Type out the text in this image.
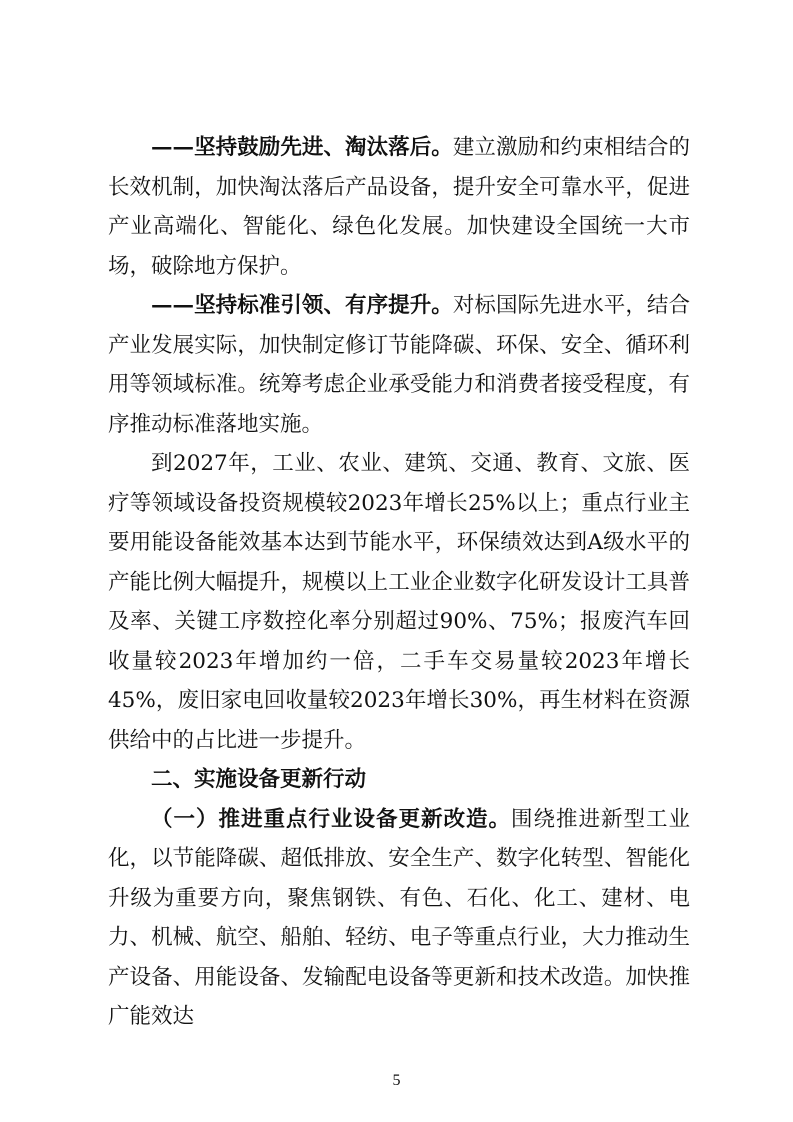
——坚持鼓励先进、淘汰落后。建立激励和约束相结合的长效机制，加快淘汰落后产品设备，提升安全可靠水平，促进产业高端化、智能化、绿色化发展。加快建设全国统一大市场，破除地方保护。

——坚持标准引领、有序提升。对标国际先进水平，结合产业发展实际，加快制定修订节能降碳、环保、安全、循环利用等领域标准。统筹考虑企业承受能力和消费者接受程度，有序推动标准落地实施。

到2027年，工业、农业、建筑、交通、教育、文旅、医疗等领域设备投资规模较2023年增长25%以上；重点行业主要用能设备能效基本达到节能水平，环保绩效达到A级水平的产能比例大幅提升，规模以上工业企业数字化研发设计工具普及率、关键工序数控化率分别超过90%、75%；报废汽车回收量较2023年增加约一倍，二手车交易量较2023年增长45%，废旧家电回收量较2023年增长30%，再生材料在资源供给中的占比进一步提升。

二、实施设备更新行动

（一）推进重点行业设备更新改造。围绕推进新型工业化，以节能降碳、超低排放、安全生产、数字化转型、智能化升级为重要方向，聚焦钢铁、有色、石化、化工、建材、电力、机械、航空、船舶、轻纺、电子等重点行业，大力推动生产设备、用能设备、发输配电设备等更新和技术改造。加快推广能效达

5
